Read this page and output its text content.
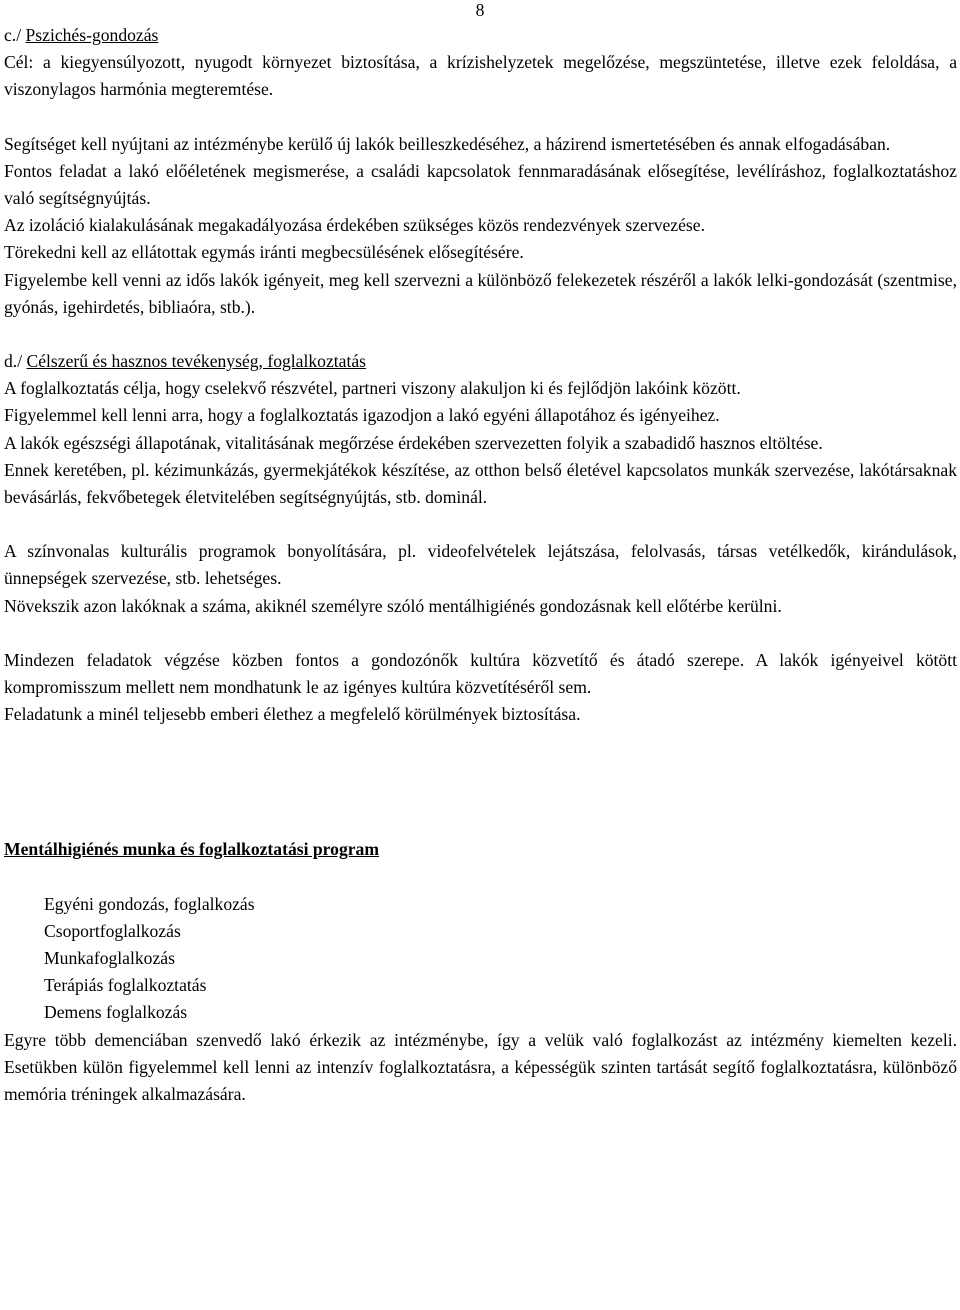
8

c./ Pszichés-gondozás

Cél: a kiegyensúlyozott, nyugodt környezet biztosítása, a krízishelyzetek megelőzése, megszüntetése, illetve ezek feloldása, a viszonylagos harmónia megteremtése.

Segítséget kell nyújtani az intézménybe kerülő új lakók beilleszkedéséhez, a házirend ismertetésében és annak elfogadásában.

Fontos feladat a lakó előéletének megismerése, a családi kapcsolatok fennmaradásának elősegítése, levélíráshoz, foglalkoztatáshoz való segítségnyújtás.

Az izoláció kialakulásának megakadályozása érdekében szükséges közös rendezvények szervezése.

Törekedni kell az ellátottak egymás iránti megbecsülésének elősegítésére.

Figyelembe kell venni az idős lakók igényeit, meg kell szervezni a különböző felekezetek részéről a lakók lelki-gondozását (szentmise, gyónás, igehirdetés, bibliaóra, stb.).

d./ Célszerű és hasznos tevékenység, foglalkoztatás

A foglalkoztatás célja, hogy cselekvő részvétel, partneri viszony alakuljon ki és fejlődjön lakóink között.

Figyelemmel kell lenni arra, hogy a foglalkoztatás igazodjon a lakó egyéni állapotához és igényeihez.

A lakók egészségi állapotának, vitalitásának megőrzése érdekében szervezetten folyik a szabadidő hasznos eltöltése.

Ennek keretében, pl. kézimunkázás, gyermekjátékok készítése, az otthon belső életével kapcsolatos munkák szervezése, lakótársaknak bevásárlás, fekvőbetegek életvitelében segítségnyújtás, stb. dominál.

A színvonalas kulturális programok bonyolítására, pl. videofelvételek lejátszása, felolvasás, társas vetélkedők, kirándulások, ünnepségek szervezése, stb. lehetséges.

Növekszik azon lakóknak a száma, akiknél személyre szóló mentálhigiénés gondozásnak kell előtérbe kerülni.

Mindezen feladatok végzése közben fontos a gondozónők kultúra közvetítő és átadó szerepe. A lakók igényeivel kötött kompromisszum mellett nem mondhatunk le az igényes kultúra közvetítéséről sem.

Feladatunk a minél teljesebb emberi élethez a megfelelő körülmények biztosítása.

Mentálhigiénés munka és foglalkoztatási program

Egyéni gondozás, foglalkozás
Csoportfoglalkozás
Munkafoglalkozás
Terápiás foglalkoztatás
Demens foglalkozás

Egyre több demenciában szenvedő lakó érkezik az intézménybe, így a velük való foglalkozást az intézmény kiemelten kezeli. Esetükben külön figyelemmel kell lenni az intenzív foglalkoztatásra, a képességük szinten tartását segítő foglalkoztatásra, különböző memória tréningek alkalmazására.
